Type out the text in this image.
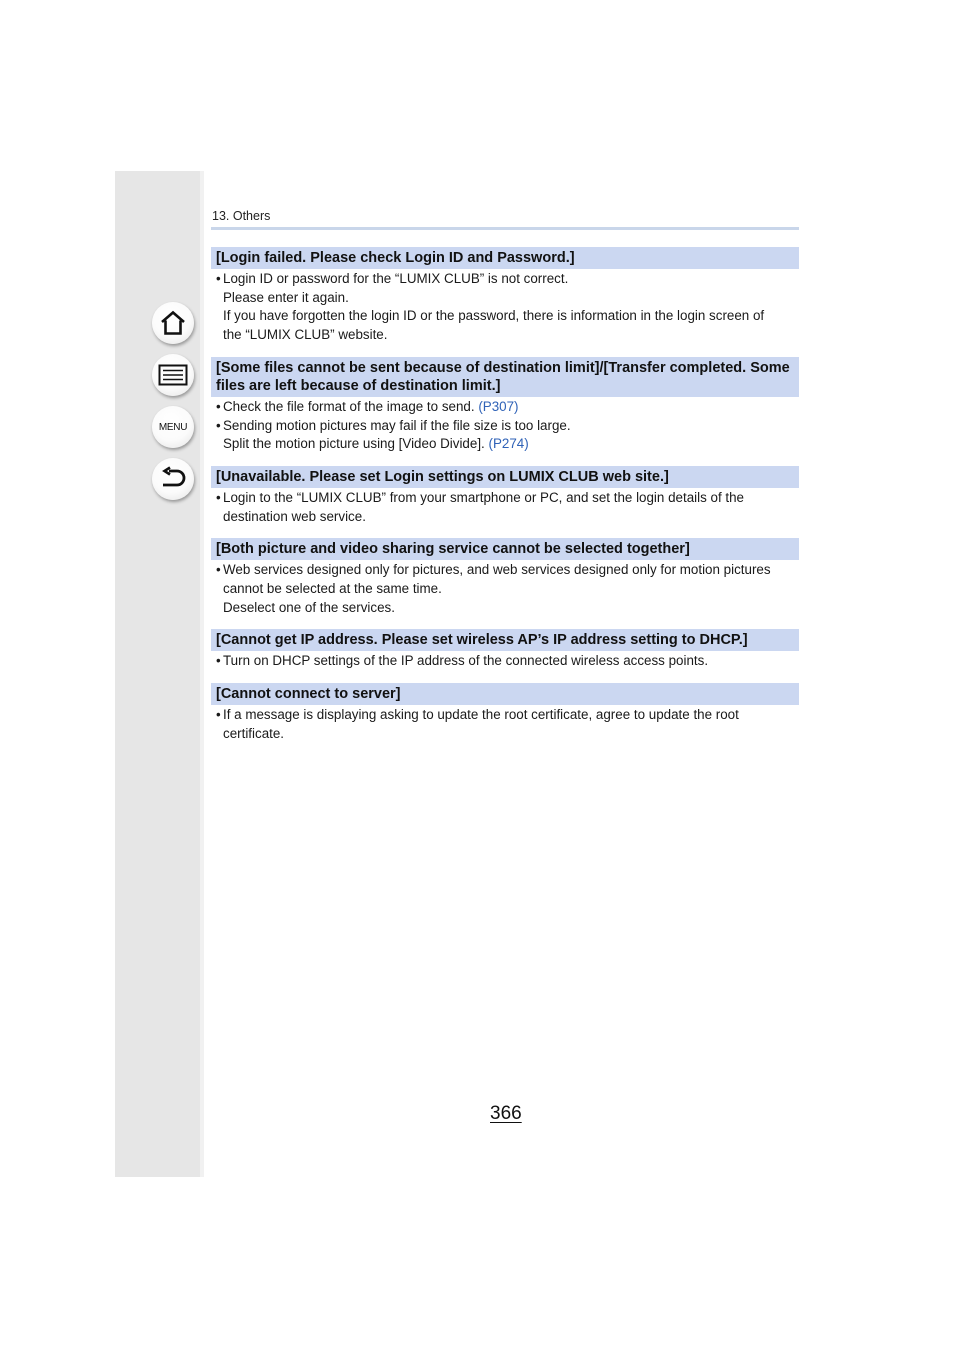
MENU
13. Others
[Login failed. Please check Login ID and Password.]
• Login ID or password for the “LUMIX CLUB” is not correct.
Please enter it again.
If you have forgotten the login ID or the password, there is information in the login screen of
the “LUMIX CLUB” website.
[Some files cannot be sent because of destination limit]/[Transfer completed. Some files are left because of destination limit.]
• Check the file format of the image to send. (P307)
• Sending motion pictures may fail if the file size is too large.
Split the motion picture using [Video Divide]. (P274)
[Unavailable. Please set Login settings on LUMIX CLUB web site.]
• Login to the “LUMIX CLUB” from your smartphone or PC, and set the login details of the
destination web service.
[Both picture and video sharing service cannot be selected together]
• Web services designed only for pictures, and web services designed only for motion pictures
cannot be selected at the same time.
Deselect one of the services.
[Cannot get IP address. Please set wireless AP’s IP address setting to DHCP.]
• Turn on DHCP settings of the IP address of the connected wireless access points.
[Cannot connect to server]
• If a message is displaying asking to update the root certificate, agree to update the root
certificate.
366
